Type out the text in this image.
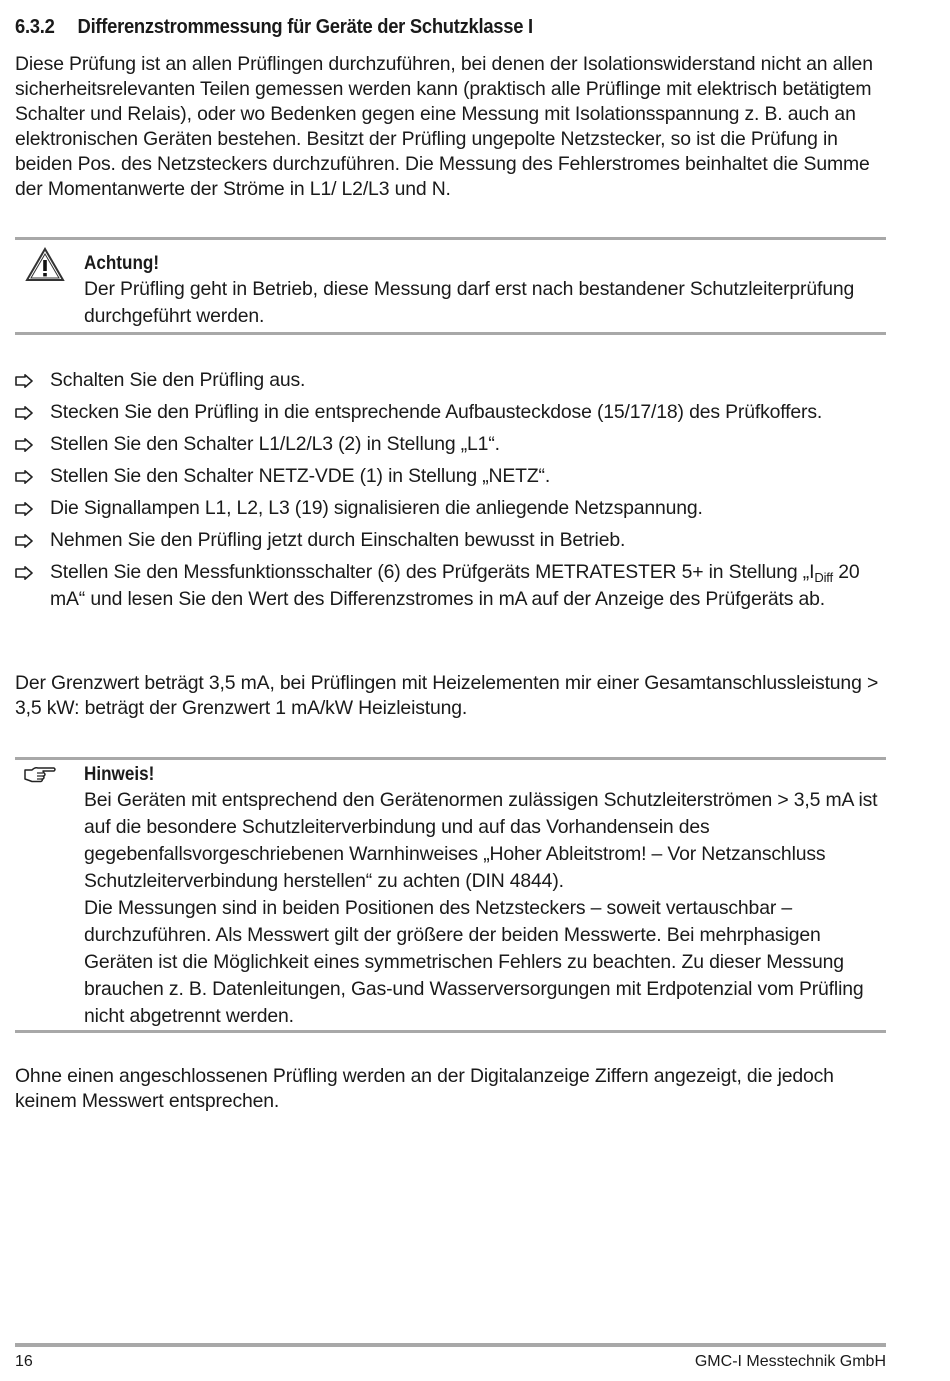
6.3.2 Differenzstrommessung für Geräte der Schutzklasse I

Diese Prüfung ist an allen Prüflingen durchzuführen, bei denen der Isolationswiderstand nicht an allen sicherheitsrelevanten Teilen gemessen werden kann (praktisch alle Prüflinge mit elektrisch betätigtem Schalter und Relais), oder wo Bedenken gegen eine Messung mit Isolationsspannung z. B. auch an elektronischen Geräten bestehen. Besitzt der Prüfling ungepolte Netzstecker, so ist die Prüfung in beiden Pos. des Netzsteckers durchzuführen. Die Messung des Fehlerstromes beinhaltet die Summe der Momentanwerte der Ströme in L1/ L2/L3 und N.

Achtung!

Der Prüfling geht in Betrieb, diese Messung darf erst nach bestandener Schutzleiterprüfung durchgeführt werden.

Schalten Sie den Prüfling aus.
Stecken Sie den Prüfling in die entsprechende Aufbausteckdose (15/17/18) des Prüfkoffers.
Stellen Sie den Schalter L1/L2/L3 (2) in Stellung „L1“.
Stellen Sie den Schalter NETZ-VDE (1) in Stellung „NETZ“.
Die Signallampen L1, L2, L3 (19) signalisieren die anliegende Netzspannung.
Nehmen Sie den Prüfling jetzt durch Einschalten bewusst in Betrieb.
Stellen Sie den Messfunktionsschalter (6) des Prüfgeräts METRATESTER 5+ in Stellung $„I_{Diff}$ 20 mA“ und lesen Sie den Wert des Differenzstromes in mA auf der Anzeige des Prüfgeräts ab.

Der Grenzwert beträgt 3,5 mA, bei Prüflingen mit Heizelementen mir einer Gesamtanschlussleistung > 3,5 kW: beträgt der Grenzwert 1 mA/kW Heizleistung.

Hinweis!

Bei Geräten mit entsprechend den Gerätenormen zulässigen Schutzleiterströmen > 3,5 mA ist auf die besondere Schutzleiterverbindung und auf das Vorhandensein des gegebenfallsvorgeschriebenen Warnhinweises „Hoher Ableitstrom! – Vor Netzanschluss Schutzleiterverbindung herstellen“ zu achten (DIN 4844).

Die Messungen sind in beiden Positionen des Netzsteckers – soweit vertauschbar – durchzuführen. Als Messwert gilt der größere der beiden Messwerte. Bei mehrphasigen Geräten ist die Möglichkeit eines symmetrischen Fehlers zu beachten. Zu dieser Messung brauchen z. B. Datenleitungen, Gas-und Wasserversorgungen mit Erdpotenzial vom Prüfling nicht abgetrennt werden.

Ohne einen angeschlossenen Prüfling werden an der Digitalanzeige Ziffern angezeigt, die jedoch keinem Messwert entsprechen.

16	GMC-I Messtechnik GmbH
